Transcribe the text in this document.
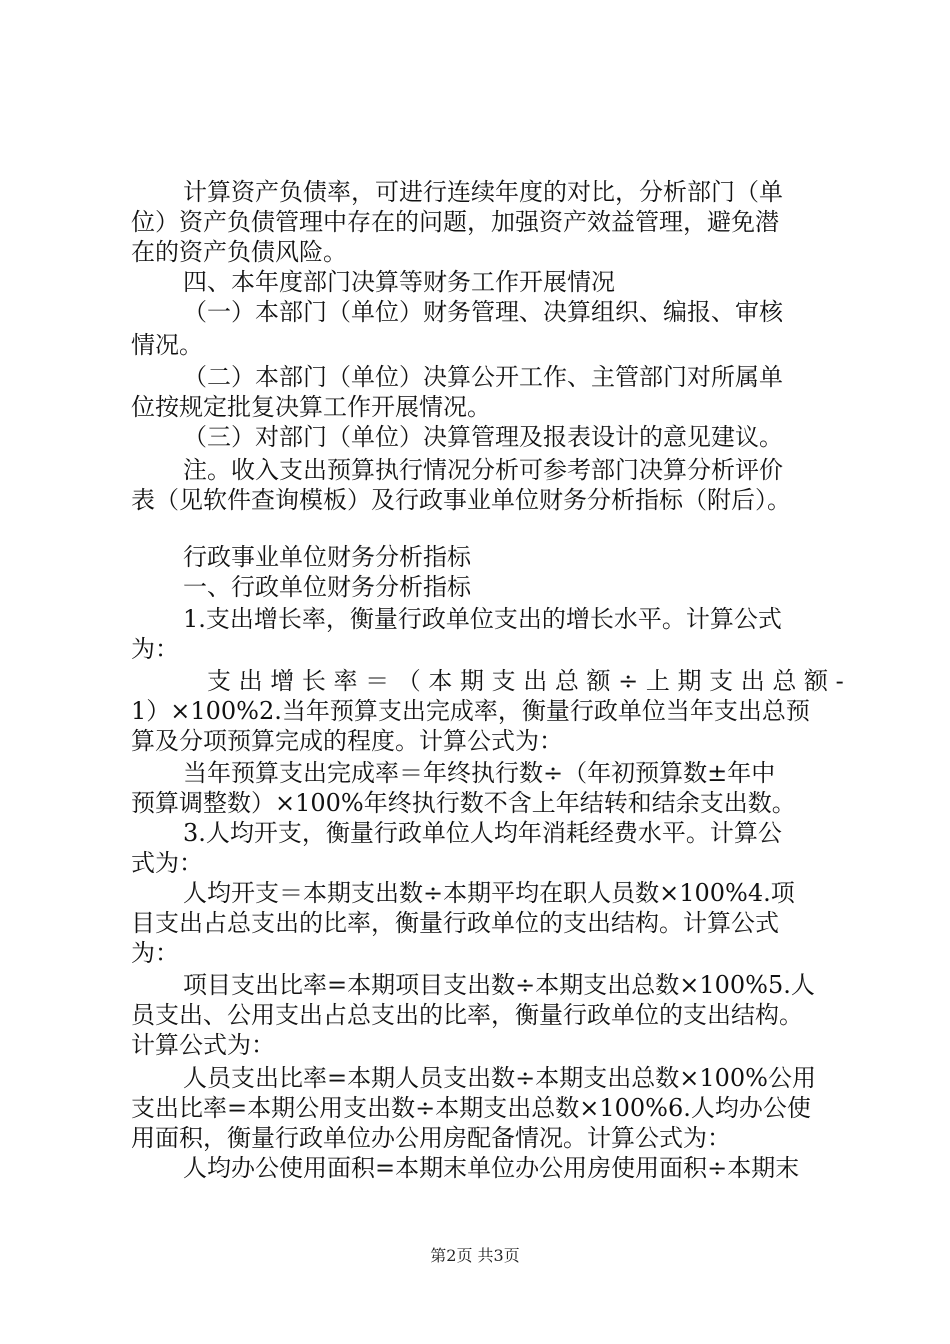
计算资产负债率，可进行连续年度的对比，分析部门（单
位）资产负债管理中存在的问题，加强资产效益管理，避免潜
在的资产负债风险。
四、本年度部门决算等财务工作开展情况
（一）本部门（单位）财务管理、决算组织、编报、审核
情况。
（二）本部门（单位）决算公开工作、主管部门对所属单
位按规定批复决算工作开展情况。
（三）对部门（单位）决算管理及报表设计的意见建议。
注。收入支出预算执行情况分析可参考部门决算分析评价
表（见软件查询模板）及行政事业单位财务分析指标（附后）。
行政事业单位财务分析指标
一、行政单位财务分析指标
1.支出增长率，衡量行政单位支出的增长水平。计算公式
为：
支 出 增 长 率 ＝ （ 本 期 支 出 总 额 ÷ 上 期 支 出 总 额 -
1）×100%2.当年预算支出完成率，衡量行政单位当年支出总预
算及分项预算完成的程度。计算公式为：
当年预算支出完成率＝年终执行数÷（年初预算数±年中
预算调整数）×100%年终执行数不含上年结转和结余支出数。
3.人均开支，衡量行政单位人均年消耗经费水平。计算公
式为：
人均开支＝本期支出数÷本期平均在职人员数×100%4.项
目支出占总支出的比率，衡量行政单位的支出结构。计算公式
为：
项目支出比率=本期项目支出数÷本期支出总数×100%5.人
员支出、公用支出占总支出的比率，衡量行政单位的支出结构。
计算公式为：
人员支出比率=本期人员支出数÷本期支出总数×100%公用
支出比率=本期公用支出数÷本期支出总数×100%6.人均办公使
用面积，衡量行政单位办公用房配备情况。计算公式为：
人均办公使用面积=本期末单位办公用房使用面积÷本期末
第2页 共3页
